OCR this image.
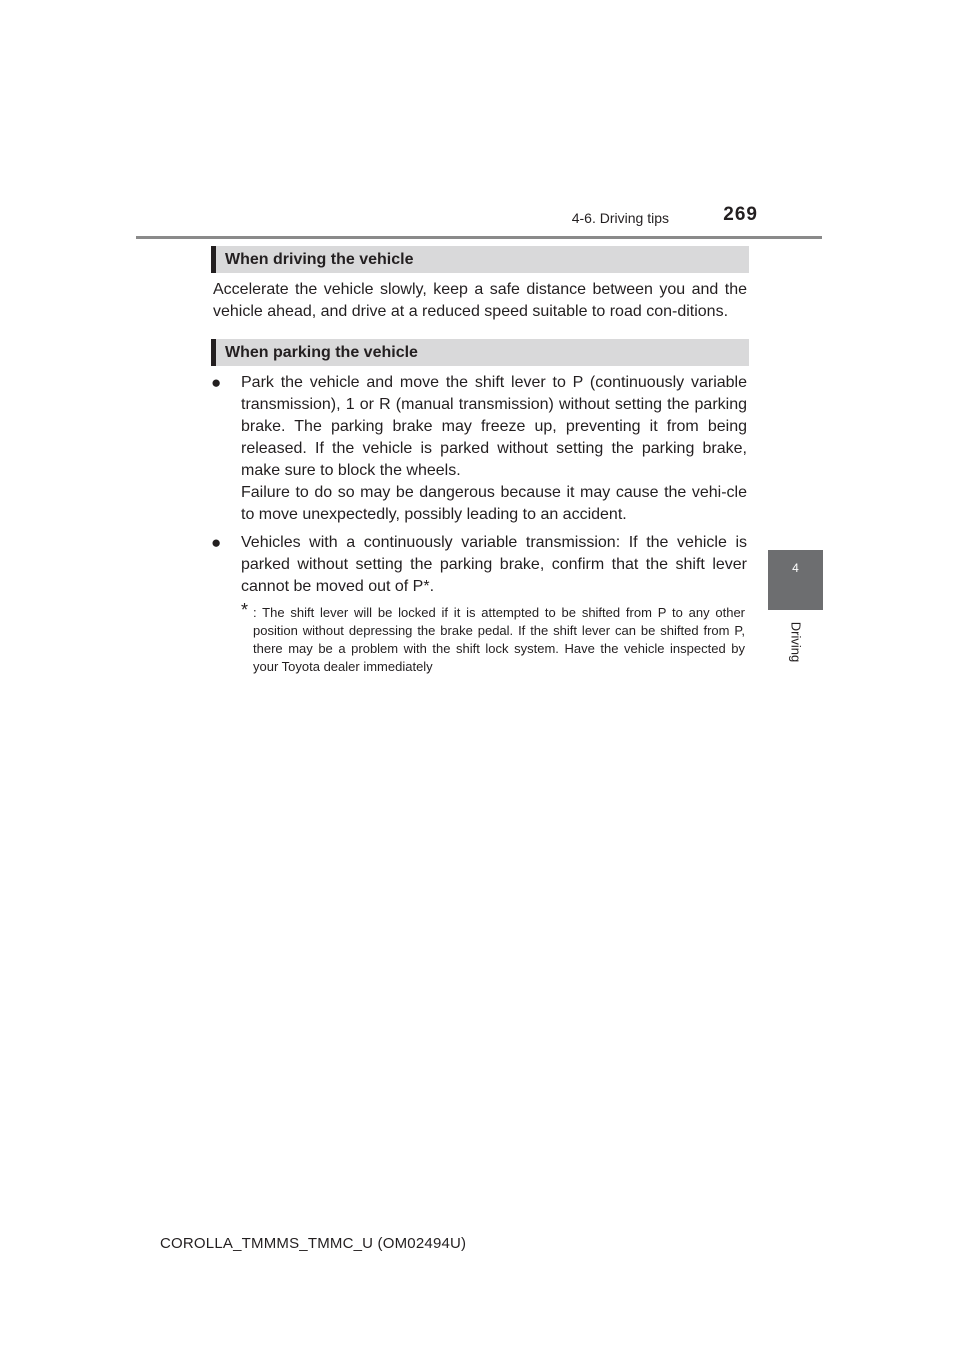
4-6. Driving tips	269
4
Driving
When driving the vehicle

Accelerate the vehicle slowly, keep a safe distance between you and the vehicle ahead, and drive at a reduced speed suitable to road con-ditions.

When parking the vehicle
● Park the vehicle and move the shift lever to P (continuously variable transmission), 1 or R (manual transmission) without setting the parking brake. The parking brake may freeze up, preventing it from being released. If the vehicle is parked without setting the parking brake, make sure to block the wheels.
Failure to do so may be dangerous because it may cause the vehi-cle to move unexpectedly, possibly leading to an accident.
● Vehicles with a continuously variable transmission: If the vehicle is parked without setting the parking brake, confirm that the shift lever cannot be moved out of P*.
* : The shift lever will be locked if it is attempted to be shifted from P to any other position without depressing the brake pedal. If the shift lever can be shifted from P, there may be a problem with the shift lock system. Have the vehicle inspected by your Toyota dealer immediately
COROLLA_TMMMS_TMMC_U (OM02494U)
